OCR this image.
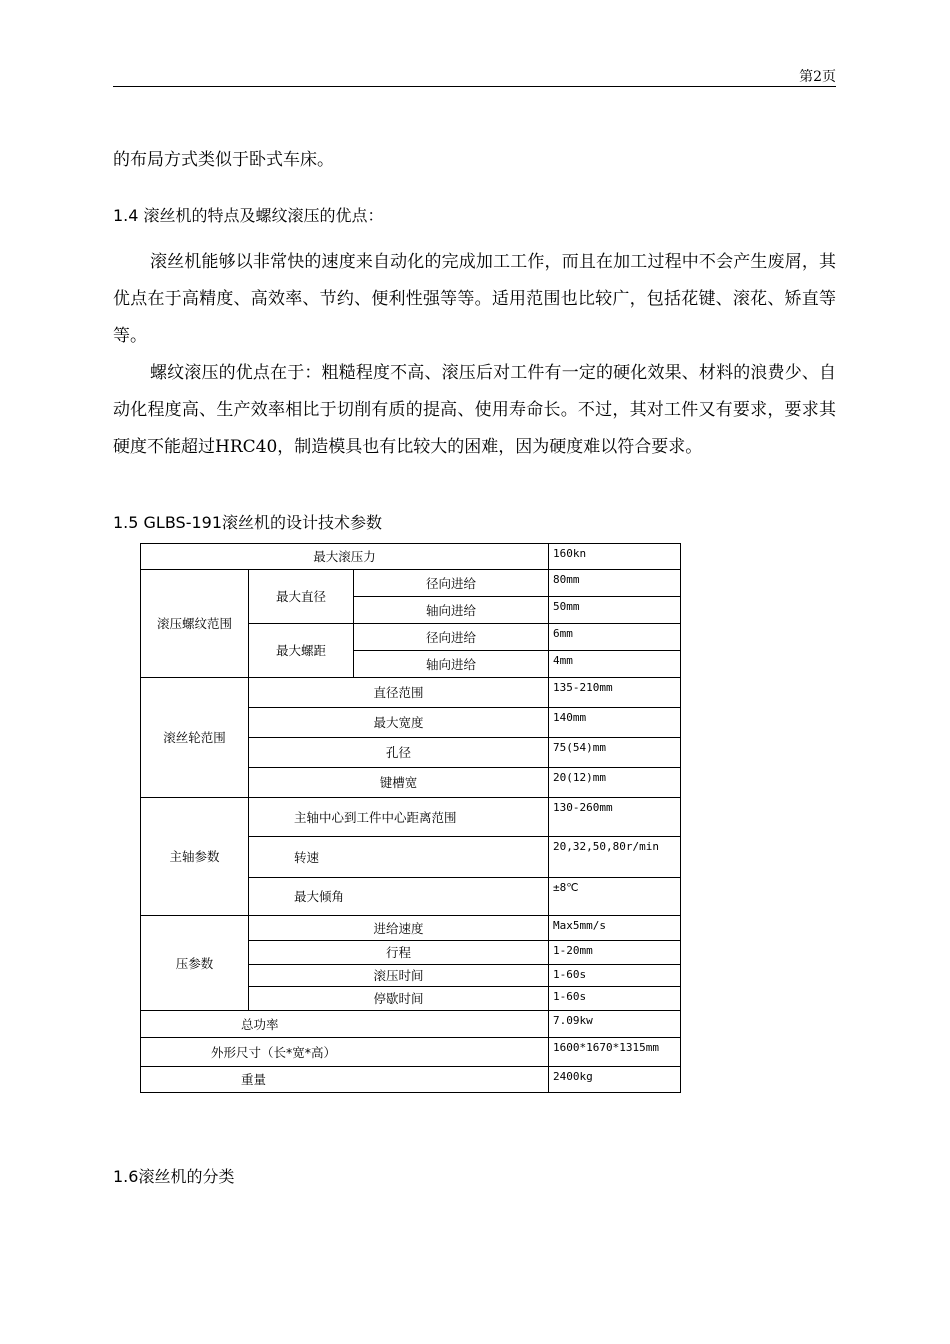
第2页

的布局方式类似于卧式车床。

1.4 滚丝机的特点及螺纹滚压的优点：

滚丝机能够以非常快的速度来自动化的完成加工工作，而且在加工过程中不会产生废屑，其优点在于高精度、高效率、节约、便利性强等等。适用范围也比较广，包括花键、滚花、矫直等等。

螺纹滚压的优点在于：粗糙程度不高、滚压后对工件有一定的硬化效果、材料的浪费少、自动化程度高、生产效率相比于切削有质的提高、使用寿命长。不过，其对工件又有要求，要求其硬度不能超过HRC40，制造模具也有比较大的困难，因为硬度难以符合要求。

1.5 GLBS-191滚丝机的设计技术参数

最大滚压力			160kn
滚压螺纹范围	最大直径	径向进给	80mm
		轴向进给	50mm
	最大螺距	径向进给	6mm
		轴向进给	4mm
滚丝轮范围	直径范围		135-210mm
	最大宽度		140mm
	孔径		75(54)mm
	键槽宽		20(12)mm
主轴参数	主轴中心到工件中心距离范围		130-260mm
	转速		20,32,50,80r/min
	最大倾角		±8℃
压参数	进给速度		Max5mm/s
	行程		1-20mm
	滚压时间		1-60s
	停歇时间		1-60s
总功率			7.09kw
外形尺寸（长*宽*高）			1600*1670*1315mm
重量			2400kg

1.6滚丝机的分类
